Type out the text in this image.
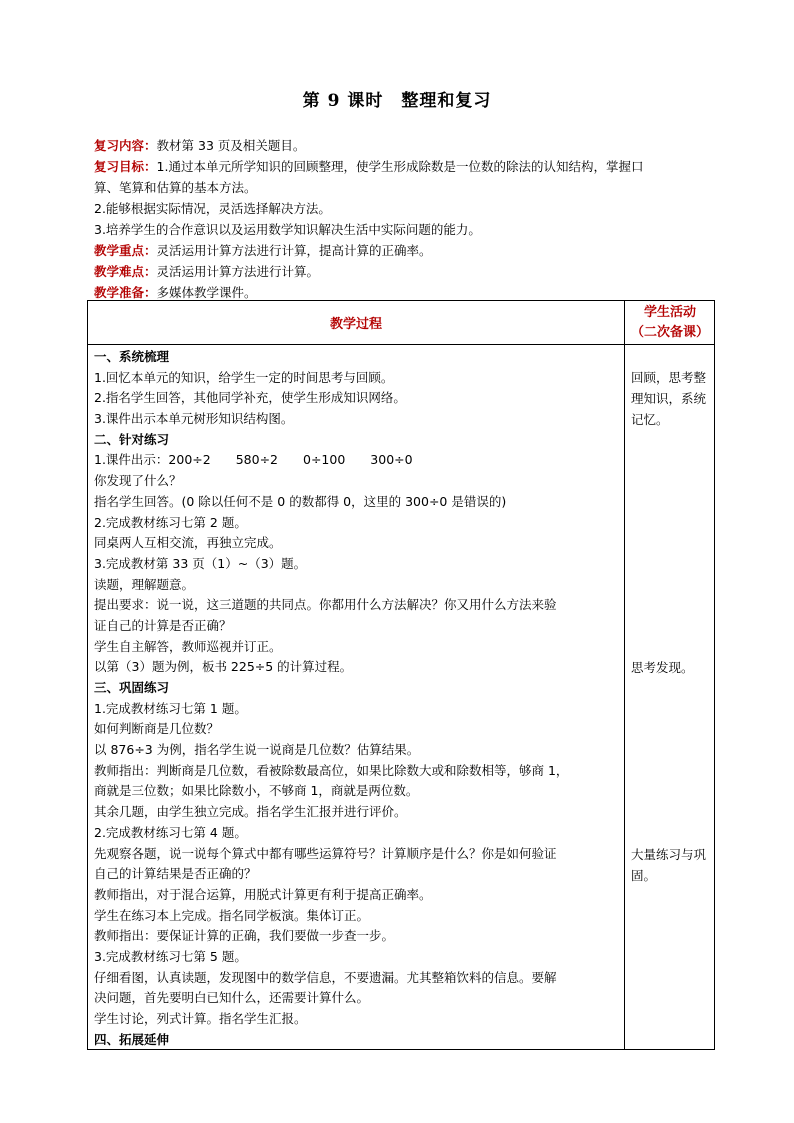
第 9 课时　整理和复习
复习内容：教材第 33 页及相关题目。
复习目标：1.通过本单元所学知识的回顾整理，使学生形成除数是一位数的除法的认知结构，掌握口
算、笔算和估算的基本方法。
2.能够根据实际情况，灵活选择解决方法。
3.培养学生的合作意识以及运用数学知识解决生活中实际问题的能力。
教学重点：灵活运用计算方法进行计算，提高计算的正确率。
教学难点：灵活运用计算方法进行计算。
教学准备：多媒体教学课件。
教学过程
学生活动
（二次备课）
一、系统梳理
1.回忆本单元的知识，给学生一定的时间思考与回顾。
2.指名学生回答，其他同学补充，使学生形成知识网络。
3.课件出示本单元树形知识结构图。
二、针对练习
1.课件出示：200÷2　　580÷2　　0÷100　　300÷0
你发现了什么？
指名学生回答。(0 除以任何不是 0 的数都得 0，这里的 300÷0 是错误的)
2.完成教材练习七第 2 题。
同桌两人互相交流，再独立完成。
3.完成教材第 33 页（1）~（3）题。
读题，理解题意。
提出要求：说一说，这三道题的共同点。你都用什么方法解决？你又用什么方法来验
证自己的计算是否正确？
学生自主解答，教师巡视并订正。
以第（3）题为例，板书 225÷5 的计算过程。
三、巩固练习
1.完成教材练习七第 1 题。
如何判断商是几位数？
以 876÷3 为例，指名学生说一说商是几位数？估算结果。
教师指出：判断商是几位数，看被除数最高位，如果比除数大或和除数相等，够商 1，
商就是三位数；如果比除数小，不够商 1，商就是两位数。
其余几题，由学生独立完成。指名学生汇报并进行评价。
2.完成教材练习七第 4 题。
先观察各题，说一说每个算式中都有哪些运算符号？计算顺序是什么？你是如何验证
自己的计算结果是否正确的？
教师指出，对于混合运算，用脱式计算更有利于提高正确率。
学生在练习本上完成。指名同学板演。集体订正。
教师指出：要保证计算的正确，我们要做一步查一步。
3.完成教材练习七第 5 题。
仔细看图，认真读题，发现图中的数学信息，不要遗漏。尤其整箱饮料的信息。要解
决问题，首先要明白已知什么，还需要计算什么。
学生讨论，列式计算。指名学生汇报。
四、拓展延伸
回顾，思考整理知识，系统记忆。
思考发现。
大量练习与巩固。
